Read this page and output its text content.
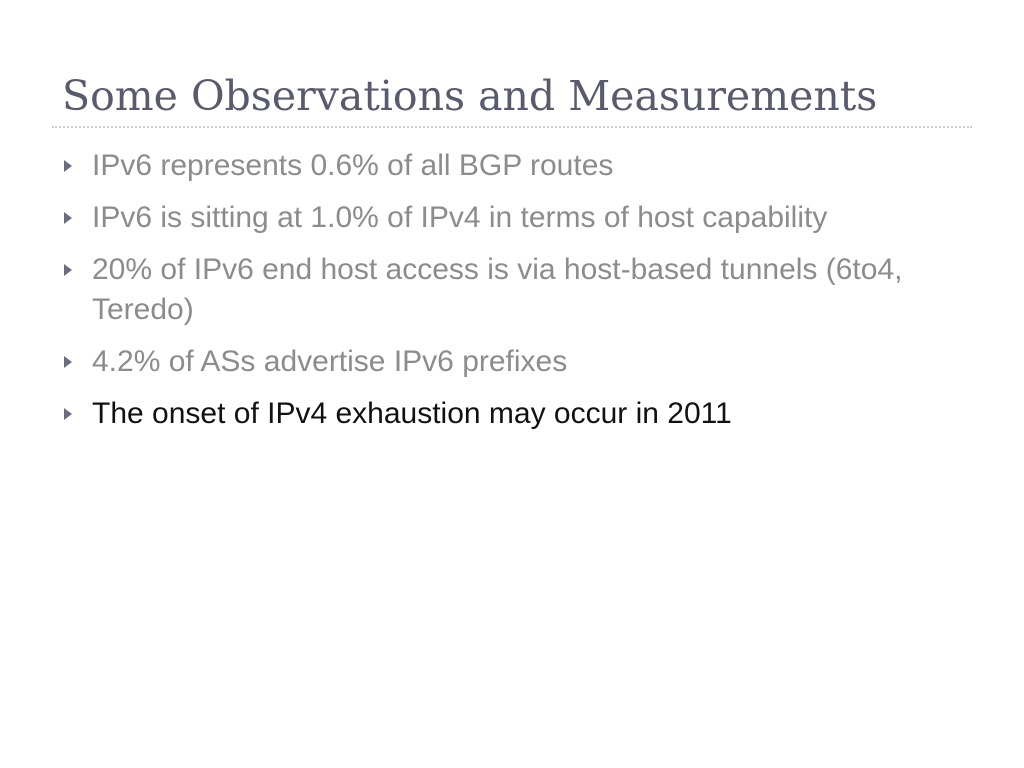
Some Observations and Measurements
IPv6 represents 0.6% of all BGP routes
IPv6 is sitting at 1.0% of IPv4 in terms of host capability
20% of IPv6 end host access is via host-based tunnels (6to4, Teredo)
4.2% of ASs advertise IPv6 prefixes
The onset of IPv4 exhaustion may occur in 2011
